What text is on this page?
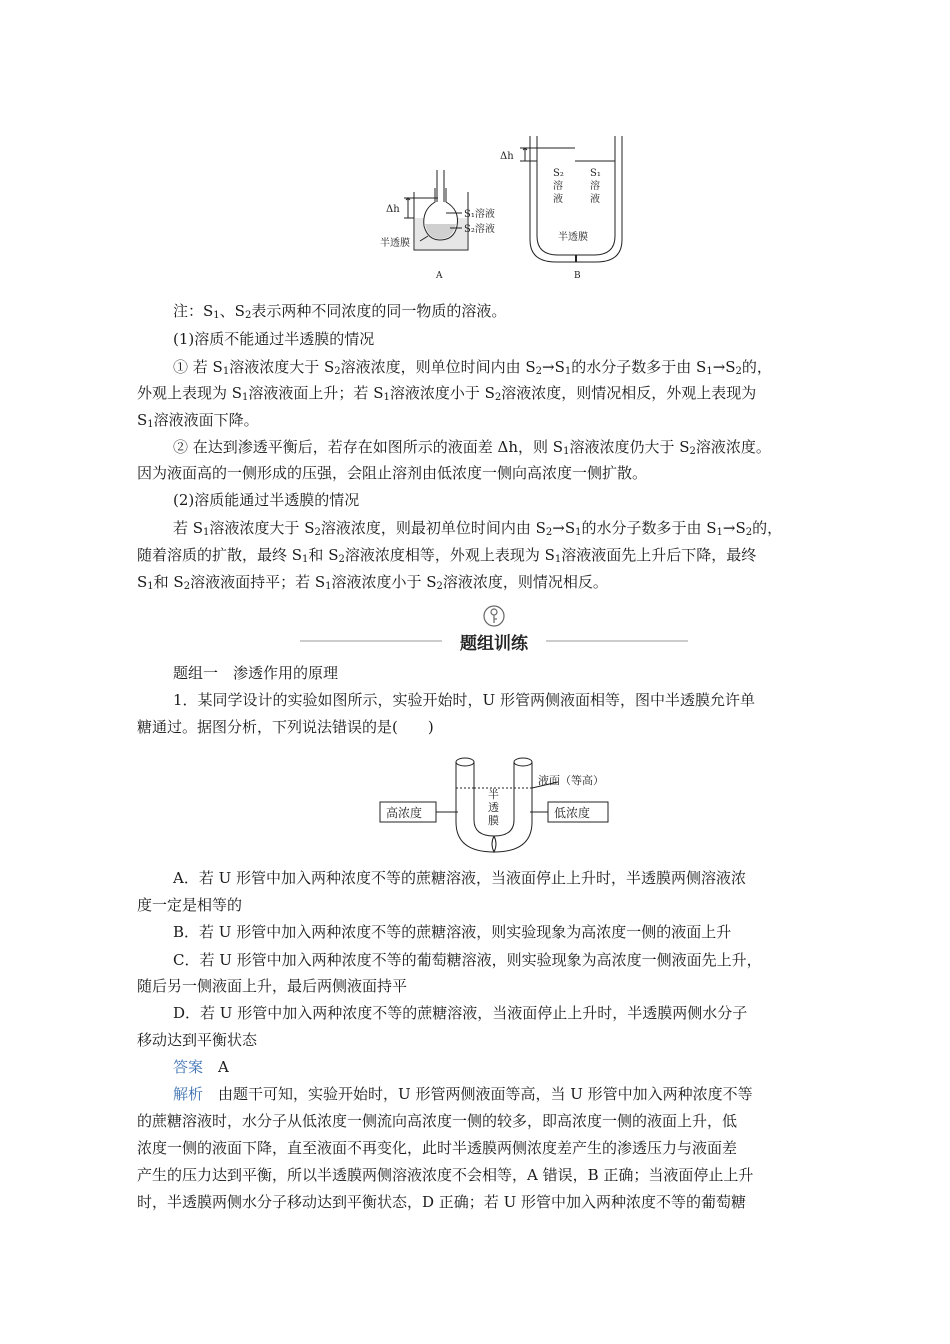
Δh	S₁溶液
S₂溶液
半透膜
A
Δh
S₂
溶
液
S₁
溶
液
半透膜
B
注：$S_1$、$S_2$表示两种不同浓度的同一物质的溶液。
(1)溶质不能通过半透膜的情况
① 若 $S_1$溶液浓度大于 $S_2$溶液浓度，则单位时间内由 $S_2\to S_1$的水分子数多于由 $S_1\to S_2$的，
外观上表现为 $S_1$溶液液面上升；若 $S_1$溶液浓度小于 $S_2$溶液浓度，则情况相反，外观上表现为
$S_1$溶液液面下降。
② 在达到渗透平衡后，若存在如图所示的液面差 Δh，则 $S_1$溶液浓度仍大于 $S_2$溶液浓度。
因为液面高的一侧形成的压强，会阻止溶剂由低浓度一侧向高浓度一侧扩散。
(2)溶质能通过半透膜的情况
若 $S_1$溶液浓度大于 $S_2$溶液浓度，则最初单位时间内由 $S_2\to S_1$的水分子数多于由 $S_1\to S_2$的，
随着溶质的扩散，最终 $S_1$和 $S_2$溶液浓度相等，外观上表现为 $S_1$溶液液面先上升后下降，最终
$S_1$和 $S_2$溶液液面持平；若 $S_1$溶液浓度小于 $S_2$溶液浓度，则情况相反。
题组训练
题组一　渗透作用的原理
1．某同学设计的实验如图所示，实验开始时，U 形管两侧液面相等，图中半透膜允许单
糖通过。据图分析，下列说法错误的是(　　)
高浓度	低浓度
半
透
膜
液面（等高）
A．若 U 形管中加入两种浓度不等的蔗糖溶液，当液面停止上升时，半透膜两侧溶液浓
度一定是相等的
B．若 U 形管中加入两种浓度不等的蔗糖溶液，则实验现象为高浓度一侧的液面上升
C．若 U 形管中加入两种浓度不等的葡萄糖溶液，则实验现象为高浓度一侧液面先上升，
随后另一侧液面上升，最后两侧液面持平
D．若 U 形管中加入两种浓度不等的蔗糖溶液，当液面停止上升时，半透膜两侧水分子
移动达到平衡状态
答案　 A
解析　 由题干可知，实验开始时，U 形管两侧液面等高，当 U 形管中加入两种浓度不等
的蔗糖溶液时，水分子从低浓度一侧流向高浓度一侧的较多，即高浓度一侧的液面上升，低
浓度一侧的液面下降，直至液面不再变化，此时半透膜两侧浓度差产生的渗透压力与液面差
产生的压力达到平衡，所以半透膜两侧溶液浓度不会相等，A 错误，B 正确；当液面停止上升
时，半透膜两侧水分子移动达到平衡状态，D 正确；若 U 形管中加入两种浓度不等的葡萄糖
